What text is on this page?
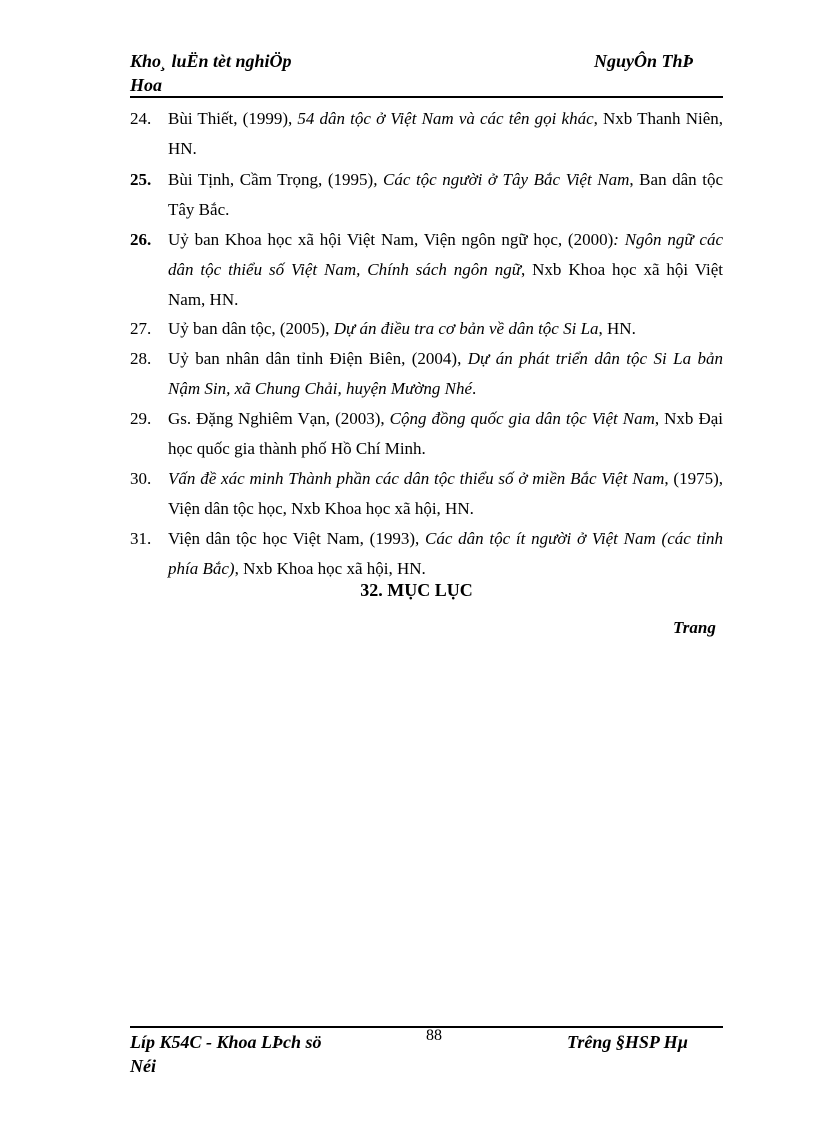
Kho¸ luËn tèt nghiÖp
Hoa
NguyÔn ThÞ
24. Bùi Thiết, (1999), 54 dân tộc ở Việt Nam và các tên gọi khác, Nxb Thanh Niên, HN.
25. Bùi Tịnh, Cầm Trọng, (1995), Các tộc người ở Tây Bắc Việt Nam, Ban dân tộc Tây Bắc.
26. Uỷ ban Khoa học xã hội Việt Nam, Viện ngôn ngữ học, (2000): Ngôn ngữ các dân tộc thiểu số Việt Nam, Chính sách ngôn ngữ, Nxb Khoa học xã hội Việt Nam, HN.
27. Uỷ ban dân tộc, (2005), Dự án điều tra cơ bản về dân tộc Si La, HN.
28. Uỷ ban nhân dân tỉnh Điện Biên, (2004), Dự án phát triển dân tộc Si La bản Nậm Sin, xã Chung Chải, huyện Mường Nhé.
29. Gs. Đặng Nghiêm Vạn, (2003), Cộng đồng quốc gia dân tộc Việt Nam, Nxb Đại học quốc gia thành phố Hồ Chí Minh.
30. Vấn đề xác minh Thành phần các dân tộc thiểu số ở miền Bắc Việt Nam, (1975), Viện dân tộc học, Nxb Khoa học xã hội, HN.
31. Viện dân tộc học Việt Nam, (1993), Các dân tộc ít người ở Việt Nam (các tỉnh phía Bắc), Nxb Khoa học xã hội, HN.
32. MỤC LỤC
Trang
Líp K54C - Khoa LÞch sö
Néi
88	Trêng §HSP Hµ
